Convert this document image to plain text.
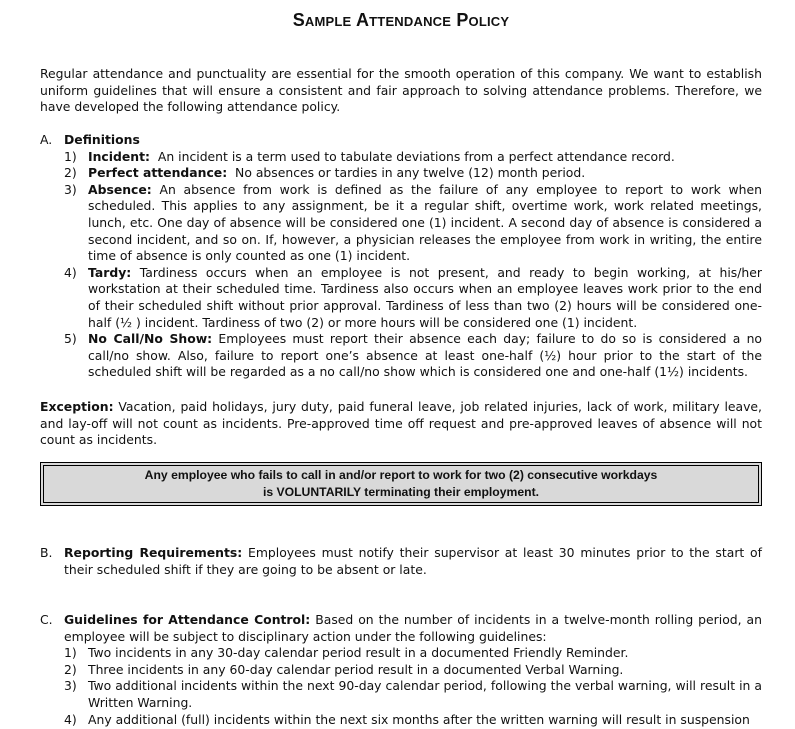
Sample Attendance Policy

Regular attendance and punctuality are essential for the smooth operation of this company. We want to establish uniform guidelines that will ensure a consistent and fair approach to solving attendance problems. Therefore, we have developed the following attendance policy.

A. Definitions
1) Incident:  An incident is a term used to tabulate deviations from a perfect attendance record.
2) Perfect attendance:  No absences or tardies in any twelve (12) month period.
3) Absence: An absence from work is defined as the failure of any employee to report to work when scheduled. This applies to any assignment, be it a regular shift, overtime work, work related meetings, lunch, etc. One day of absence will be considered one (1) incident. A second day of absence is considered a second incident, and so on. If, however, a physician releases the employee from work in writing, the entire time of absence is only counted as one (1) incident.
4) Tardy: Tardiness occurs when an employee is not present, and ready to begin working, at his/her workstation at their scheduled time. Tardiness also occurs when an employee leaves work prior to the end of their scheduled shift without prior approval. Tardiness of less than two (2) hours will be considered one-half (½ ) incident. Tardiness of two (2) or more hours will be considered one (1) incident.
5) No Call/No Show: Employees must report their absence each day; failure to do so is considered a no call/no show. Also, failure to report one’s absence at least one-half (½) hour prior to the start of the scheduled shift will be regarded as a no call/no show which is considered one and one-half (1½) incidents.

Exception: Vacation, paid holidays, jury duty, paid funeral leave, job related injuries, lack of work, military leave, and lay-off will not count as incidents. Pre-approved time off request and pre-approved leaves of absence will not count as incidents.

Any employee who fails to call in and/or report to work for two (2) consecutive workdays
is VOLUNTARILY terminating their employment.
B. Reporting Requirements: Employees must notify their supervisor at least 30 minutes prior to the start of their scheduled shift if they are going to be absent or late.
C. Guidelines for Attendance Control: Based on the number of incidents in a twelve-month rolling period, an employee will be subject to disciplinary action under the following guidelines:
1) Two incidents in any 30-day calendar period result in a documented Friendly Reminder.
2) Three incidents in any 60-day calendar period result in a documented Verbal Warning.
3) Two additional incidents within the next 90-day calendar period, following the verbal warning, will result in a Written Warning.
4) Any additional (full) incidents within the next six months after the written warning will result in suspension
